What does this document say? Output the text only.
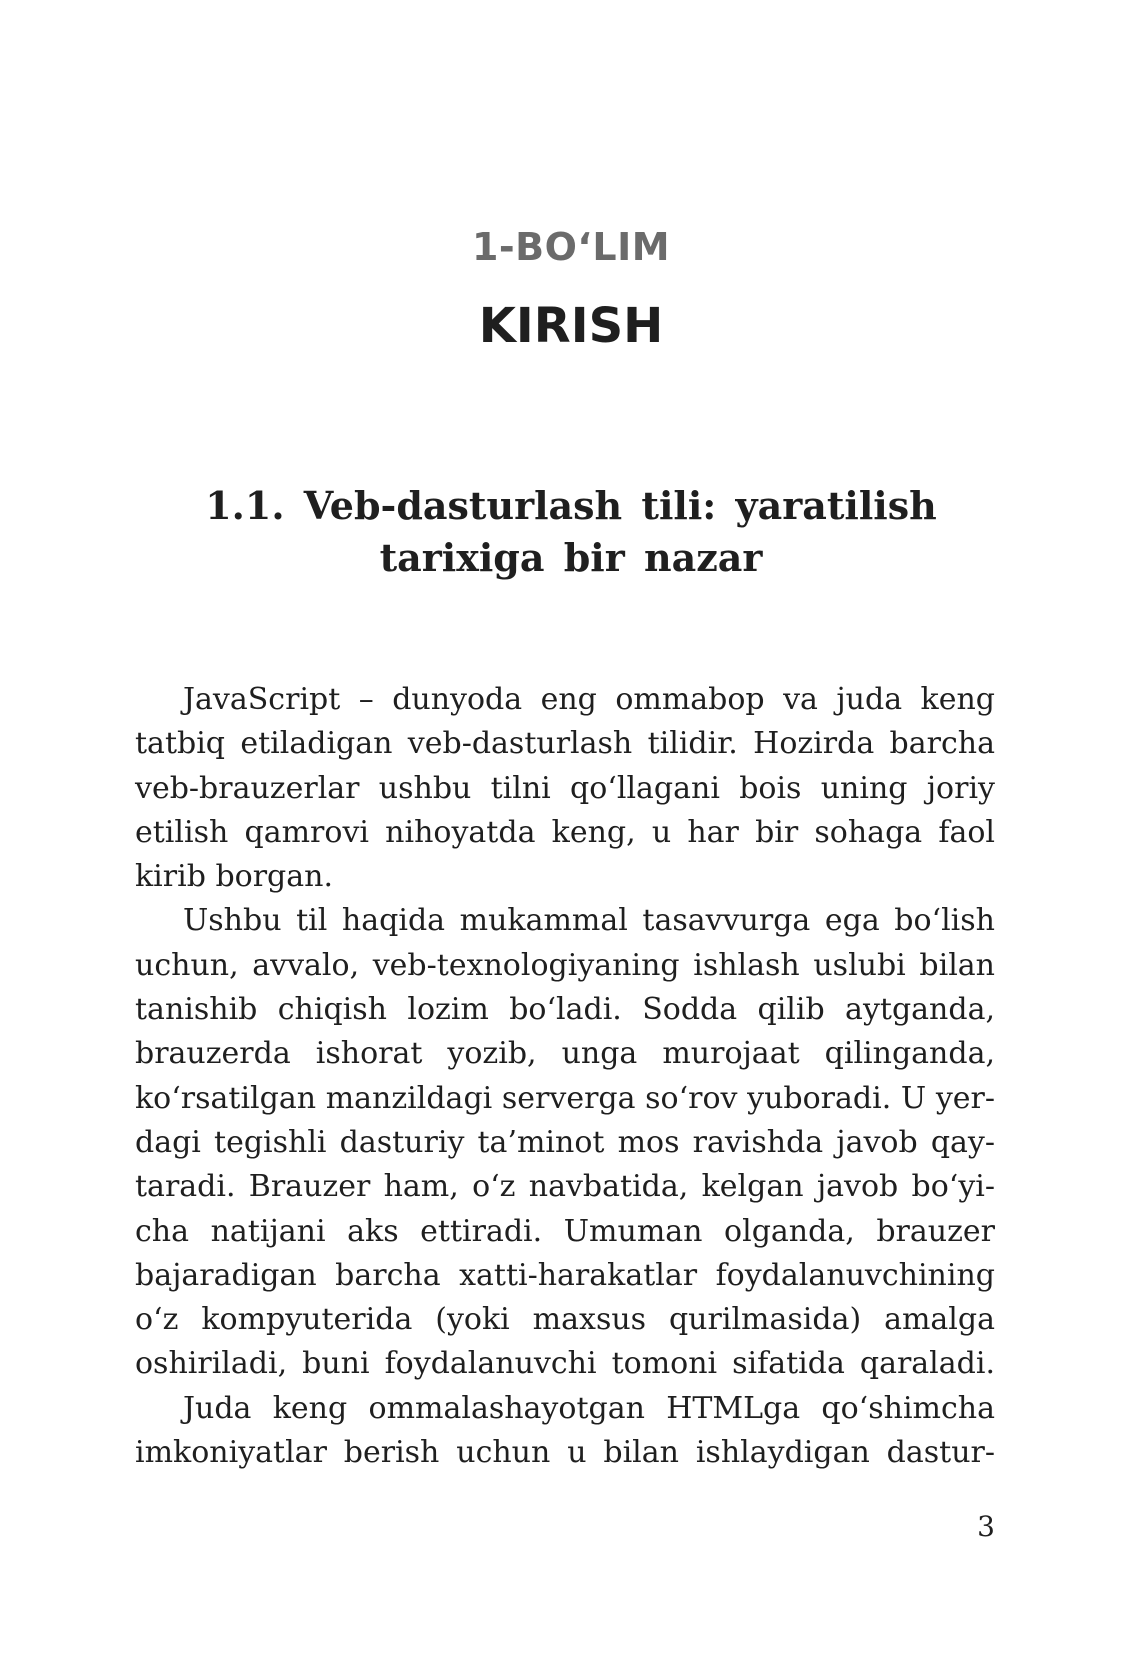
1-BO‘LIM
KIRISH
1.1. Veb-dasturlash tili: yaratilish
tarixiga bir nazar
JavaScript – dunyoda eng ommabop va juda keng
tatbiq etiladigan veb-dasturlash tilidir. Hozirda barcha
veb-brauzerlar ushbu tilni qo‘llagani bois uning joriy
etilish qamrovi nihoyatda keng, u har bir sohaga faol
kirib borgan.
Ushbu til haqida mukammal tasavvurga ega bo‘lish
uchun, avvalo, veb-texnologiyaning ishlash uslubi bilan
tanishib chiqish lozim bo‘ladi. Sodda qilib aytganda,
brauzerda ishorat yozib, unga murojaat qilinganda,
ko‘rsatilgan manzildagi serverga so‘rov yuboradi. U yer-
dagi tegishli dasturiy ta’minot mos ravishda javob qay-
taradi. Brauzer ham, o‘z navbatida, kelgan javob bo‘yi-
cha natijani aks ettiradi. Umuman olganda, brauzer
bajaradigan barcha xatti-harakatlar foydalanuvchining
o‘z kompyuterida (yoki maxsus qurilmasida) amalga
oshiriladi, buni foydalanuvchi tomoni sifatida qaraladi.
Juda keng ommalashayotgan HTMLga qo‘shimcha
imkoniyatlar berish uchun u bilan ishlaydigan dastur-
3
